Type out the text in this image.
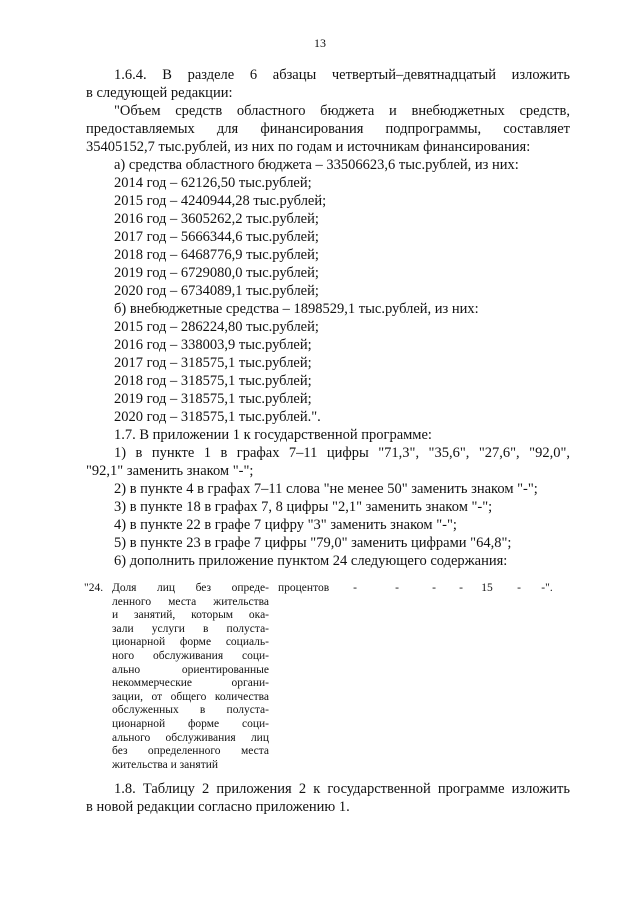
13
1.6.4. В разделе 6 абзацы четвертый–девятнадцатый изложить
в следующей редакции:
"Объем средств областного бюджета и внебюджетных средств,
предоставляемых для финансирования подпрограммы, составляет
35405152,7 тыс.рублей, из них по годам и источникам финансирования:
а) средства областного бюджета – 33506623,6 тыс.рублей, из них:
2014 год – 62126,50 тыс.рублей;
2015 год – 4240944,28 тыс.рублей;
2016 год – 3605262,2 тыс.рублей;
2017 год – 5666344,6 тыс.рублей;
2018 год – 6468776,9 тыс.рублей;
2019 год – 6729080,0 тыс.рублей;
2020 год – 6734089,1 тыс.рублей;
б) внебюджетные средства – 1898529,1 тыс.рублей, из них:
2015 год – 286224,80 тыс.рублей;
2016 год – 338003,9 тыс.рублей;
2017 год – 318575,1 тыс.рублей;
2018 год – 318575,1 тыс.рублей;
2019 год – 318575,1 тыс.рублей;
2020 год – 318575,1 тыс.рублей.".
1.7. В приложении 1 к государственной программе:
1) в пункте 1 в графах 7–11 цифры "71,3", "35,6", "27,6", "92,0",
"92,1" заменить знаком "-";
2) в пункте 4 в графах 7–11 слова "не менее 50" заменить знаком "-";
3) в пункте 18 в графах 7, 8 цифры "2,1" заменить знаком "-";
4) в пункте 22 в графе 7 цифру "3" заменить знаком "-";
5) в пункте 23 в графе 7 цифры "79,0" заменить цифрами "64,8";
6) дополнить приложение пунктом 24 следующего содержания:
"24. Доля лиц без опреде-
ленного места жительства
и занятий, которым ока-
зали услуги в полуста-
ционарной форме социаль-
ного обслуживания соци-
ально ориентированные
некоммерческие органи-
зации, от общего количества
обслуженных в полуста-
ционарной форме соци-
ального обслуживания лиц
без определенного места
жительства и занятий
процентов	-	-	-	-	15	-	-".
1.8. Таблицу 2 приложения 2 к государственной программе изложить
в новой редакции согласно приложению 1.
